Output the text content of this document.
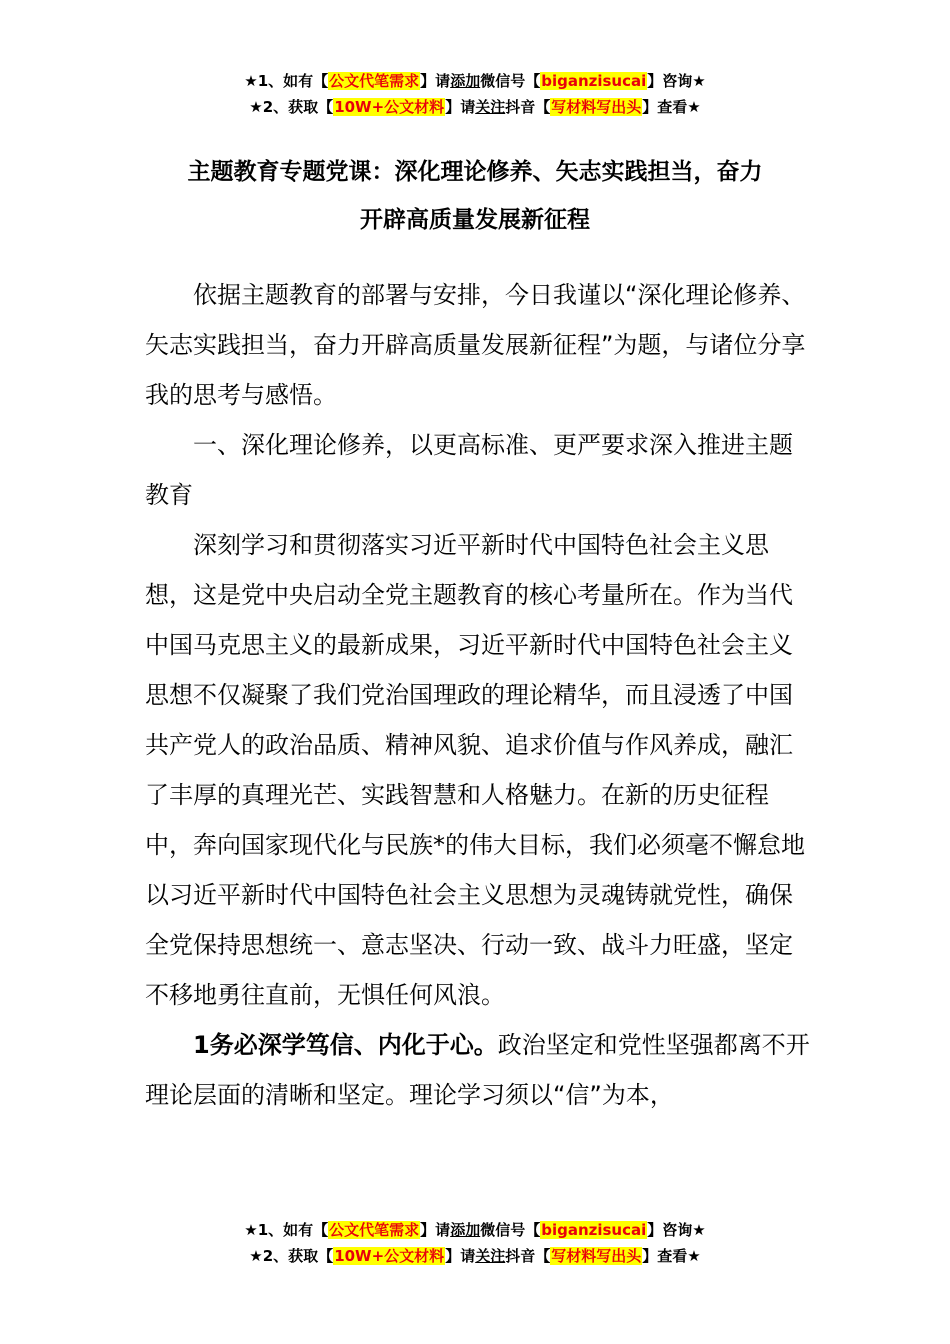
★1、如有【公文代笔需求】请添加微信号【biganzisucai】咨询★
★2、获取【10W+公文材料】请关注抖音【写材料写出头】查看★
主题教育专题党课：深化理论修养、矢志实践担当，奋力
开辟高质量发展新征程

依据主题教育的部署与安排，今日我谨以“深化理论修养、矢志实践担当，奋力开辟高质量发展新征程”为题，与诸位分享我的思考与感悟。

一、深化理论修养，以更高标准、更严要求深入推进主题教育

深刻学习和贯彻落实习近平新时代中国特色社会主义思想，这是党中央启动全党主题教育的核心考量所在。作为当代中国马克思主义的最新成果，习近平新时代中国特色社会主义思想不仅凝聚了我们党治国理政的理论精华，而且浸透了中国共产党人的政治品质、精神风貌、追求价值与作风养成，融汇了丰厚的真理光芒、实践智慧和人格魅力。在新的历史征程中，奔向国家现代化与民族*的伟大目标，我们必须毫不懈怠地以习近平新时代中国特色社会主义思想为灵魂铸就党性，确保全党保持思想统一、意志坚决、行动一致、战斗力旺盛，坚定不移地勇往直前，无惧任何风浪。

1务必深学笃信、内化于心。政治坚定和党性坚强都离不开理论层面的清晰和坚定。理论学习须以“信”为本，

★1、如有【公文代笔需求】请添加微信号【biganzisucai】咨询★
★2、获取【10W+公文材料】请关注抖音【写材料写出头】查看★
